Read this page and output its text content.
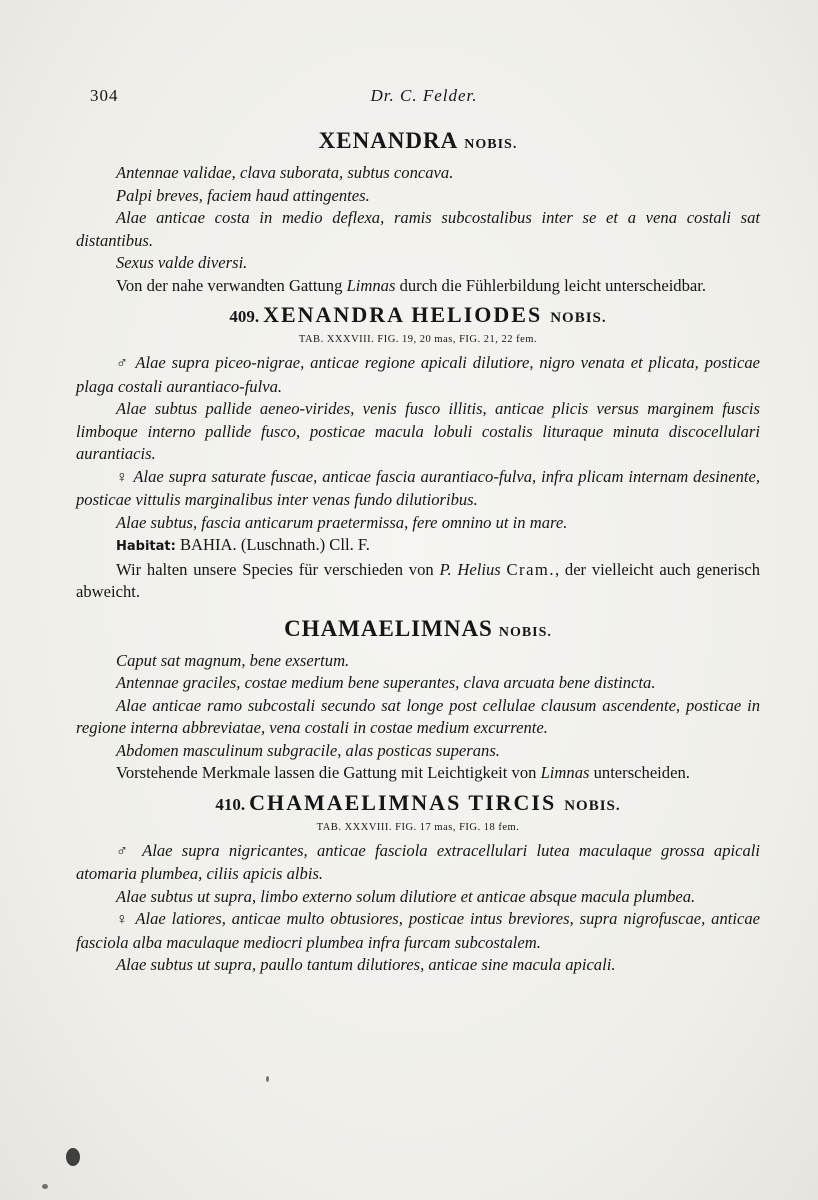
304	Dr. C. Felder.
XENANDRA NOBIS.

Antennae validae, clava suborata, subtus concava.

Palpi breves, faciem haud attingentes.

Alae anticae costa in medio deflexa, ramis subcostalibus inter se et a vena costali sat distantibus.

Sexus valde diversi.

Von der nahe verwandten Gattung Limnas durch die Fühlerbildung leicht unterscheidbar.

409. XENANDRA HELIODES NOBIS.
TAB. XXXVIII. FIG. 19, 20 mas, FIG. 21, 22 fem.

♂ Alae supra piceo-nigrae, anticae regione apicali dilutiore, nigro venata et plicata, posticae plaga costali aurantiaco-fulva.

Alae subtus pallide aeneo-virides, venis fusco illitis, anticae plicis versus marginem fuscis limboque interno pallide fusco, posticae macula lobuli costalis lituraque minuta discocellulari aurantiacis.

♀ Alae supra saturate fuscae, anticae fascia aurantiaco-fulva, infra plicam internam desinente, posticae vittulis marginalibus inter venas fundo dilutioribus.

Alae subtus, fascia anticarum praetermissa, fere omnino ut in mare.

Habitat: BAHIA. (Luschnath.) Cll. F.

Wir halten unsere Species für verschieden von P. Helius Cram., der vielleicht auch generisch abweicht.

CHAMAELIMNAS NOBIS.

Caput sat magnum, bene exsertum.

Antennae graciles, costae medium bene superantes, clava arcuata bene distincta.

Alae anticae ramo subcostali secundo sat longe post cellulae clausum ascendente, posticae in regione interna abbreviatae, vena costali in costae medium excurrente.

Abdomen masculinum subgracile, alas posticas superans.

Vorstehende Merkmale lassen die Gattung mit Leichtigkeit von Limnas unterscheiden.

410. CHAMAELIMNAS TIRCIS NOBIS.
TAB. XXXVIII. FIG. 17 mas, FIG. 18 fem.

♂ Alae supra nigricantes, anticae fasciola extracellulari lutea maculaque grossa apicali atomaria plumbea, ciliis apicis albis.

Alae subtus ut supra, limbo externo solum dilutiore et anticae absque macula plumbea.

♀ Alae latiores, anticae multo obtusiores, posticae intus breviores, supra nigrofuscae, anticae fasciola alba maculaque mediocri plumbea infra furcam subcostalem.

Alae subtus ut supra, paullo tantum dilutiores, anticae sine macula apicali.
